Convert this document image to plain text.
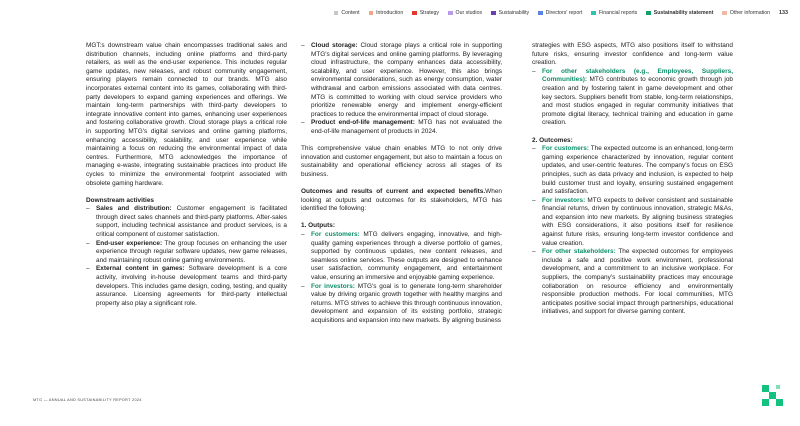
Content	Introduction	Strategy	Our studios	Sustainability	Directors' report	Financial reports	Sustainability statement	Other information 133

MGT:s downstream value chain encompasses traditional sales and distribution channels, including online platforms and third-party retailers, as well as the end-user experience. This includes regular game updates, new releases, and robust community engagement, ensuring players remain connected to our brands. MTG also incorporates external content into its games, collaborating with third-party developers to expand gaming experiences and offerings. We maintain long-term partnerships with third-party developers to integrate innovative content into games, enhancing user experiences and fostering collaborative growth. Cloud storage plays a critical role in supporting MTG's digital services and online gaming platforms, enhancing accessibility, scalability, and user experience while maintaining a focus on reducing the environmental impact of data centres. Furthermore, MTG acknowledges the importance of managing e-waste, integrating sustainable practices into product life cycles to minimize the environmental footprint associated with obsolete gaming hardware.

Downstream activities

– Sales and distribution: Customer engagement is facilitated through direct sales channels and third-party platforms. After-sales support, including technical assistance and product services, is a critical component of customer satisfaction.

– End-user experience: The group focuses on enhancing the user experience through regular software updates, new game releases, and maintaining robust online gaming environments.

– External content in games: Software development is a core activity, involving in-house development teams and third-party developers. This includes game design, coding, testing, and quality assurance. Licensing agreements for third-party intellectual property also play a significant role.

– Cloud storage: Cloud storage plays a critical role in supporting MTG's digital services and online gaming platforms. By leveraging cloud infrastructure, the company enhances data accessibility, scalability, and user experience. However, this also brings environmental considerations, such as energy consumption, water withdrawal and carbon emissions associated with data centres. MTG is committed to working with cloud service providers who prioritize renewable energy and implement energy-efficient practices to reduce the environmental impact of cloud storage.

– Product end-of-life management: MTG has not evaluated the end-of-life management of products in 2024.

This comprehensive value chain enables MTG to not only drive innovation and customer engagement, but also to maintain a focus on sustainability and operational efficiency across all stages of its business.

Outcomes and results of current and expected benefits.When looking at outputs and outcomes for its stakeholders, MTG has identified the following:

1. Outputs:

– For customers: MTG delivers engaging, innovative, and high-quality gaming experiences through a diverse portfolio of games, supported by continuous updates, new content releases, and seamless online services. These outputs are designed to enhance user satisfaction, community engagement, and entertainment value, ensuring an immersive and enjoyable gaming experience.

– For investors: MTG's goal is to generate long-term shareholder value by driving organic growth together with healthy margins and returns. MTG strives to achieve this through continuous innovation, development and expansion of its existing portfolio, strategic acquisitions and expansion into new markets. By aligning business

strategies with ESG aspects, MTG also positions itself to withstand future risks, ensuring investor confidence and long-term value creation.

– For other stakeholders (e.g., Employees, Suppliers, Communities): MTG contributes to economic growth through job creation and by fostering talent in game development and other key sectors. Suppliers benefit from stable, long-term relationships, and most studios engaged in regular community initiatives that promote digital literacy, technical training and education in game creation.

2. Outcomes:

– For customers: The expected outcome is an enhanced, long-term gaming experience characterized by innovation, regular content updates, and user-centric features. The company's focus on ESG principles, such as data privacy and inclusion, is expected to help build customer trust and loyalty, ensuring sustained engagement and satisfaction.

– For investors: MTG expects to deliver consistent and sustainable financial returns, driven by continuous innovation, strategic M&As, and expansion into new markets. By aligning business strategies with ESG considerations, it also positions itself for resilience against future risks, ensuring long-term investor confidence and value creation.

– For other stakeholders: The expected outcomes for employees include a safe and positive work environment, professional development, and a commitment to an inclusive workplace. For suppliers, the company's sustainability practices may encourage collaboration on resource efficiency and environmentally responsible production methods. For local communities, MTG anticipates positive social impact through partnerships, educational initiatives, and support for diverse gaming content.

MTG — ANNUAL AND SUSTAINABILITY REPORT 2024
